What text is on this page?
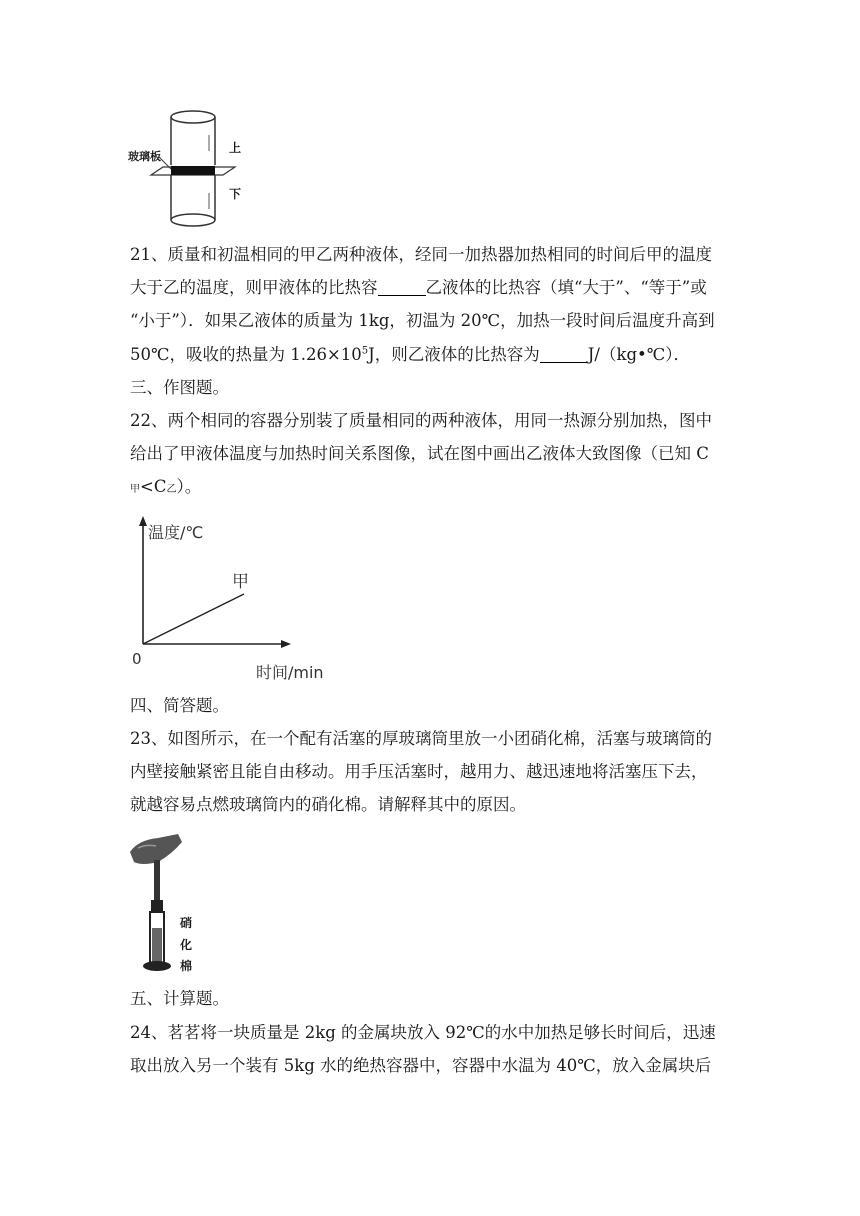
玻璃板
上
下

21、质量和初温相同的甲乙两种液体，经同一加热器加热相同的时间后甲的温度

大于乙的温度，则甲液体的比热容	乙液体的比热容（填“大于”、“等于”或

“小于”）．如果乙液体的质量为 1kg，初温为 20℃，加热一段时间后温度升高到

50℃，吸收的热量为 $1.26\times 10^5J$，则乙液体的比热容为	J/（kg•℃）．

三、作图题。

22、两个相同的容器分别装了质量相同的两种液体，用同一热源分别加热，图中

给出了甲液体温度与加热时间关系图像，试在图中画出乙液体大致图像（已知 C

甲<C乙）。

温度/℃
甲
0
时间/min

四、简答题。

23、如图所示，在一个配有活塞的厚玻璃筒里放一小团硝化棉，活塞与玻璃筒的

内壁接触紧密且能自由移动。用手压活塞时，越用力、越迅速地将活塞压下去，

就越容易点燃玻璃筒内的硝化棉。请解释其中的原因。

硝
化
棉

五、计算题。

24、茗茗将一块质量是 2kg 的金属块放入 92℃的水中加热足够长时间后，迅速

取出放入另一个装有 5kg 水的绝热容器中，容器中水温为 40℃，放入金属块后
